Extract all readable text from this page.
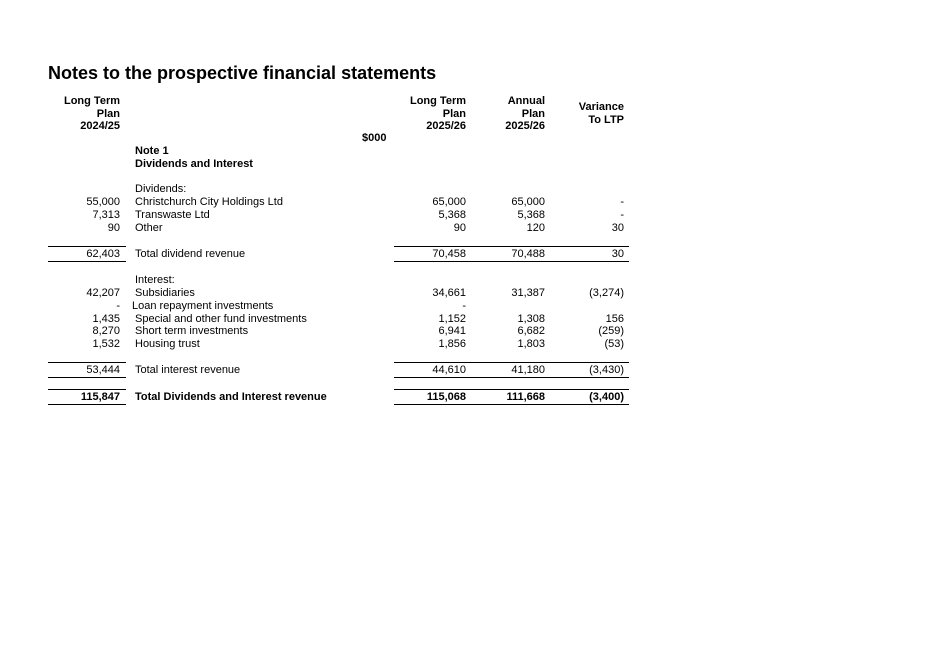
Notes to the prospective financial statements
Long Term
Plan
2024/25
Long Term
Plan
2025/26
Annual
Plan
2025/26
Variance
To LTP
$000
Note 1
Dividends and Interest
Dividends:
55,000 Christchurch City Holdings Ltd	65,000	65,000	-
7,313 Transwaste Ltd	5,368	5,368	-
90 Other	90	120	30
62,403 Total dividend revenue	70,458	70,488	30
Interest:
42,207 Subsidiaries	34,661	31,387	(3,274)
- Loan repayment investments	-
1,435 Special and other fund investments	1,152	1,308	156
8,270 Short term investments	6,941	6,682	(259)
1,532 Housing trust	1,856	1,803	(53)
53,444 Total interest revenue	44,610	41,180	(3,430)
115,847 Total Dividends and Interest revenue	115,068	111,668	(3,400)
